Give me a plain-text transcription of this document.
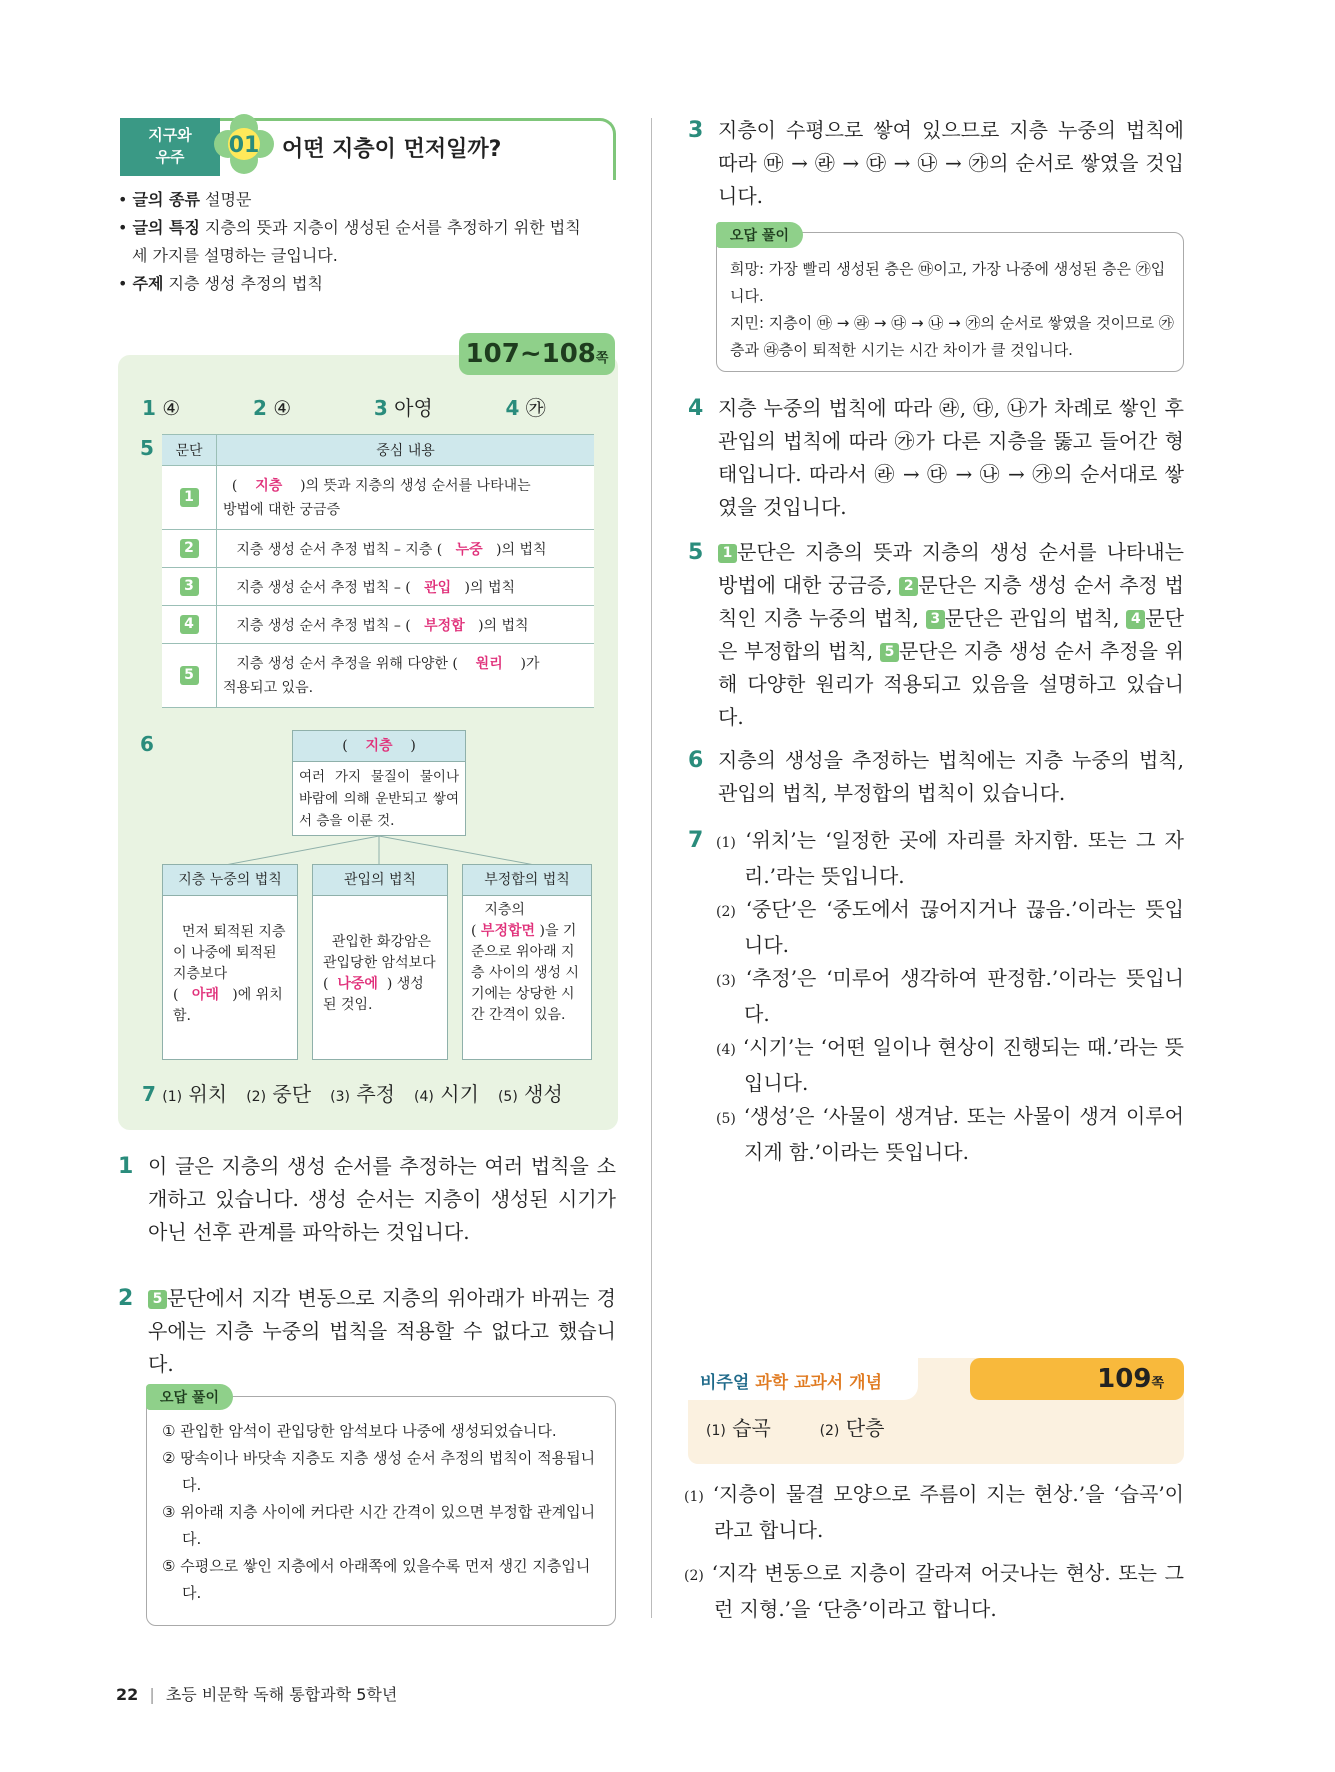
지구와
우주	01 어떤 지층이 먼저일까?
• 글의 종류 설명문
• 글의 특징 지층의 뜻과 지층이 생성된 순서를 추정하기 위한 법칙
세 가지를 설명하는 글입니다.
• 주제 지층 생성 추정의 법칙
107~108쪽
1 ④	2 ④	3 아영	4 ㉮
5 문단	중심 내용
1	( 지층 )의 뜻과 지층의 생성 순서를 나타내는
방법에 대한 궁금증
2	지층 생성 순서 추정 법칙 – 지층 ( 누중 )의 법칙
3	지층 생성 순서 추정 법칙 – ( 관입 )의 법칙
4	지층 생성 순서 추정 법칙 – ( 부정합 )의 법칙
5	지층 생성 순서 추정을 위해 다양한 ( 원리 )가
적용되고 있음.
6	( 지층 )
여러 가지 물질이 물이나 바람에 의해 운반되고 쌓여서 층을 이룬 것.
지층 누중의 법칙
먼저 퇴적된 지층이 나중에 퇴적된 지층보다
( 아래 )에 위치함.
관입의 법칙
관입한 화강암은 관입당한 암석보다 ( 나중에 ) 생성된 것임.
부정합의 법칙
지층의
( 부정합면 )을 기준으로 위아래 지층 사이의 생성 시기에는 상당한 시간 간격이 있음.
7 (1) 위치 (2) 중단 (3) 추정 (4) 시기 (5) 생성
1 이 글은 지층의 생성 순서를 추정하는 여러 법칙을 소개하고 있습니다. 생성 순서는 지층이 생성된 시기가 아닌 선후 관계를 파악하는 것입니다.
2	5 문단에서 지각 변동으로 지층의 위아래가 바뀌는 경우에는 지층 누중의 법칙을 적용할 수 없다고 했습니다.
오답 풀이
① 관입한 암석이 관입당한 암석보다 나중에 생성되었습니다.
② 땅속이나 바닷속 지층도 지층 생성 순서 추정의 법칙이 적용됩니다.
③ 위아래 지층 사이에 커다란 시간 간격이 있으면 부정합 관계입니다.
⑤ 수평으로 쌓인 지층에서 아래쪽에 있을수록 먼저 생긴 지층입니다.
3 지층이 수평으로 쌓여 있으므로 지층 누중의 법칙에 따라 ㉲ → ㉱ → ㉰ → ㉯ → ㉮의 순서로 쌓였을 것입니다.
오답 풀이
희망: 가장 빨리 생성된 층은 ㉲이고, 가장 나중에 생성된 층은 ㉮입니다.
지민: 지층이 ㉲ → ㉱ → ㉰ → ㉯ → ㉮의 순서로 쌓였을 것이므로 ㉮층과 ㉱층이 퇴적한 시기는 시간 차이가 클 것입니다.
4 지층 누중의 법칙에 따라 ㉱, ㉰, ㉯가 차례로 쌓인 후 관입의 법칙에 따라 ㉮가 다른 지층을 뚫고 들어간 형태입니다. 따라서 ㉱ → ㉰ → ㉯ → ㉮의 순서대로 쌓였을 것입니다.
5	1 문단은 지층의 뜻과 지층의 생성 순서를 나타내는 방법에 대한 궁금증, 2 문단은 지층 생성 순서 추정 법칙인 지층 누중의 법칙, 3 문단은 관입의 법칙, 4 문단은 부정합의 법칙, 5 문단은 지층 생성 순서 추정을 위해 다양한 원리가 적용되고 있음을 설명하고 있습니다.
6 지층의 생성을 추정하는 법칙에는 지층 누중의 법칙, 관입의 법칙, 부정합의 법칙이 있습니다.
7 (1) ‘위치’는 ‘일정한 곳에 자리를 차지함. 또는 그 자리.’라는 뜻입니다.
(2) ‘중단’은 ‘중도에서 끊어지거나 끊음.’이라는 뜻입니다.
(3) ‘추정’은 ‘미루어 생각하여 판정함.’이라는 뜻입니다.
(4) ‘시기’는 ‘어떤 일이나 현상이 진행되는 때.’라는 뜻입니다.
(5) ‘생성’은 ‘사물이 생겨남. 또는 사물이 생겨 이루어지게 함.’이라는 뜻입니다.
비주얼 과학 교과서 개념	109쪽
(1) 습곡	(2) 단층
(1) ‘지층이 물결 모양으로 주름이 지는 현상.’을 ‘습곡’이라고 합니다.
(2) ‘지각 변동으로 지층이 갈라져 어긋나는 현상. 또는 그런 지형.’을 ‘단층’이라고 합니다.
22 | 초등 비문학 독해 통합과학 5학년
